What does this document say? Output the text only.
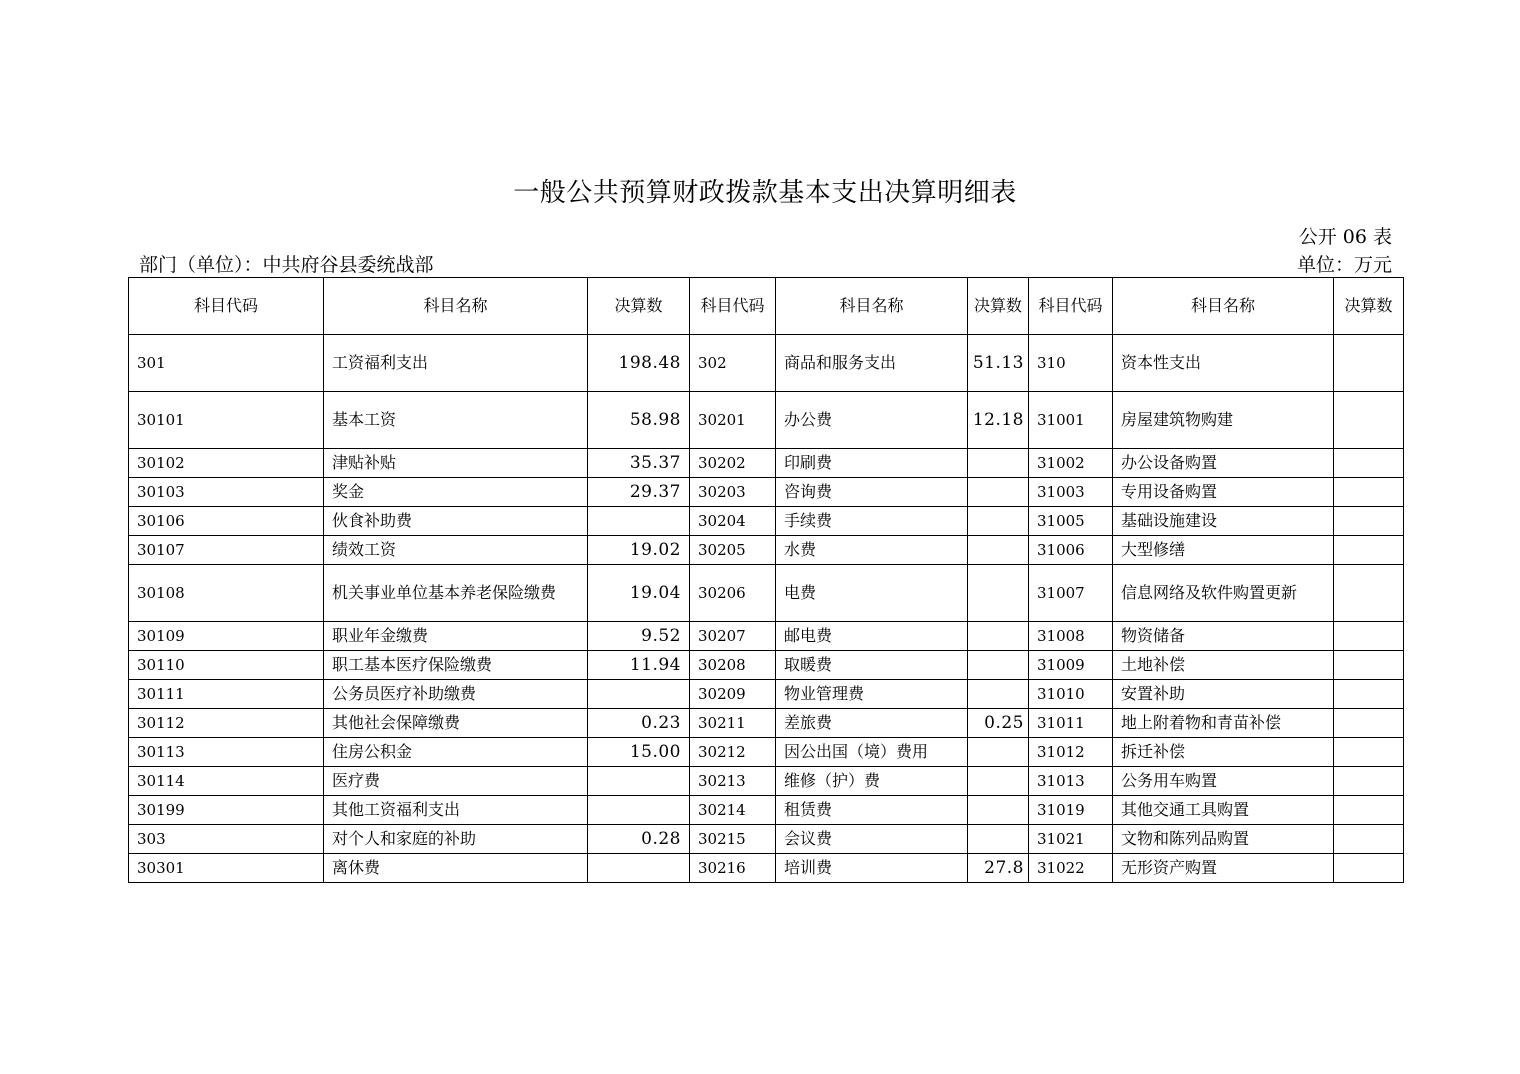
一般公共预算财政拨款基本支出决算明细表
公开 06 表
部门（单位）：中共府谷县委统战部	单位：万元
科目代码	科目名称	决算数	科目代码	科目名称	决算数	科目代码	科目名称	决算数
301	工资福利支出	198.48	302	商品和服务支出	51.13	310	资本性支出	
30101	基本工资	58.98	30201	办公费	12.18	31001	房屋建筑物购建	
30102	津贴补贴	35.37	30202	印刷费		31002	办公设备购置	
30103	奖金	29.37	30203	咨询费		31003	专用设备购置	
30106	伙食补助费		30204	手续费		31005	基础设施建设	
30107	绩效工资	19.02	30205	水费		31006	大型修缮	
30108	机关事业单位基本养老保险缴费	19.04	30206	电费		31007	信息网络及软件购置更新	
30109	职业年金缴费	9.52	30207	邮电费		31008	物资储备	
30110	职工基本医疗保险缴费	11.94	30208	取暖费		31009	土地补偿	
30111	公务员医疗补助缴费		30209	物业管理费		31010	安置补助	
30112	其他社会保障缴费	0.23	30211	差旅费	0.25	31011	地上附着物和青苗补偿	
30113	住房公积金	15.00	30212	因公出国（境）费用		31012	拆迁补偿	
30114	医疗费		30213	维修（护）费		31013	公务用车购置	
30199	其他工资福利支出		30214	租赁费		31019	其他交通工具购置	
303	对个人和家庭的补助	0.28	30215	会议费		31021	文物和陈列品购置	
30301	离休费		30216	培训费	27.8	31022	无形资产购置	
